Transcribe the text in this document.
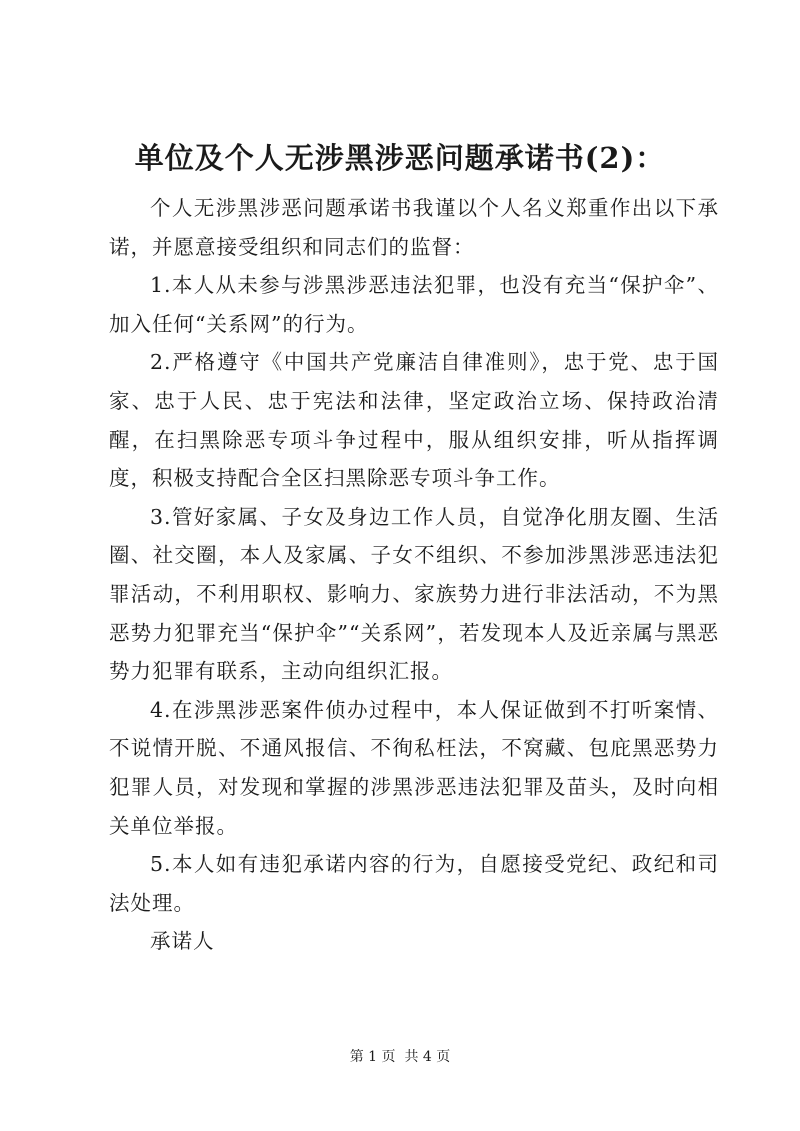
单位及个人无涉黑涉恶问题承诺书(2)：

个人无涉黑涉恶问题承诺书我谨以个人名义郑重作出以下承诺，并愿意接受组织和同志们的监督：

1.本人从未参与涉黑涉恶违法犯罪，也没有充当“保护伞”、加入任何“关系网”的行为。

2.严格遵守《中国共产党廉洁自律准则》，忠于党、忠于国家、忠于人民、忠于宪法和法律，坚定政治立场、保持政治清醒，在扫黑除恶专项斗争过程中，服从组织安排，听从指挥调度，积极支持配合全区扫黑除恶专项斗争工作。

3.管好家属、子女及身边工作人员，自觉净化朋友圈、生活圈、社交圈，本人及家属、子女不组织、不参加涉黑涉恶违法犯罪活动，不利用职权、影响力、家族势力进行非法活动，不为黑恶势力犯罪充当“保护伞”“关系网”，若发现本人及近亲属与黑恶势力犯罪有联系，主动向组织汇报。

4.在涉黑涉恶案件侦办过程中，本人保证做到不打听案情、不说情开脱、不通风报信、不徇私枉法，不窝藏、包庇黑恶势力犯罪人员，对发现和掌握的涉黑涉恶违法犯罪及苗头，及时向相关单位举报。

5.本人如有违犯承诺内容的行为，自愿接受党纪、政纪和司法处理。

承诺人

第 1 页  共 4 页
